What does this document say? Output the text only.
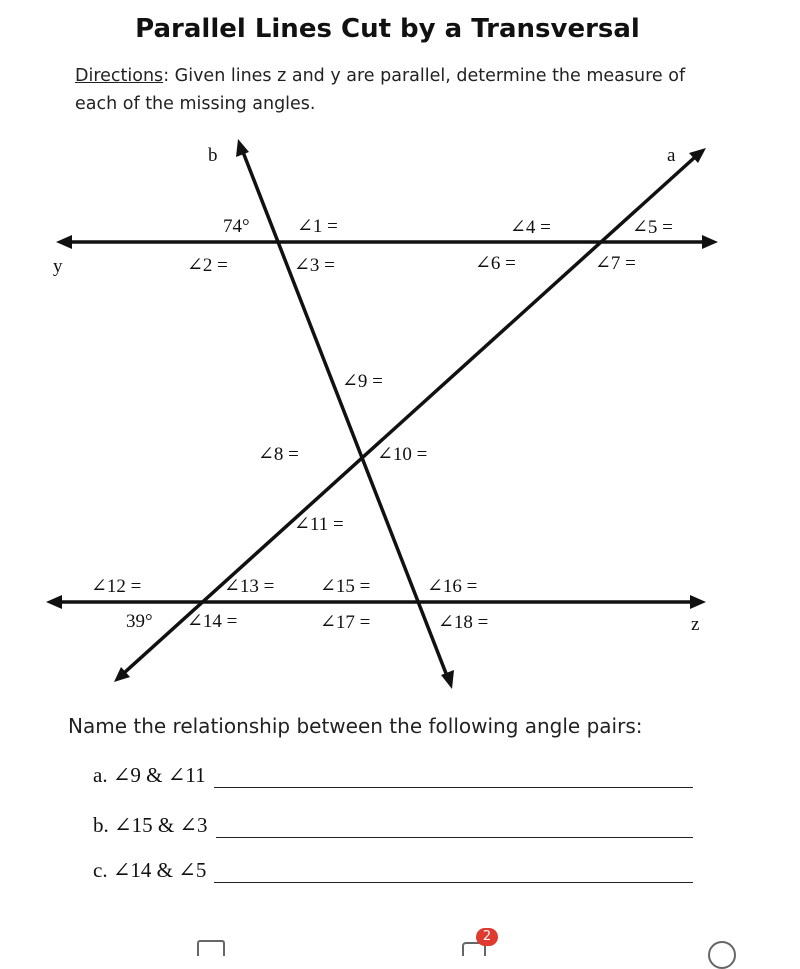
Parallel Lines Cut by a Transversal
Directions: Given lines z and y are parallel, determine the measure of each of the missing angles.
b	a
y
z
74°
39°
∠1 =
∠2 =	∠3 =
∠4 =	∠5 =
∠6 =	∠7 =
∠8 =
∠9 =
∠10 =
∠11 =
∠12 =	∠13 =
∠14 =
∠15 =	∠16 =
∠17 =	∠18 =
Name the relationship between the following angle pairs:
a. ∠9 & ∠11
b. ∠15 & ∠3
c. ∠14 & ∠5
2
